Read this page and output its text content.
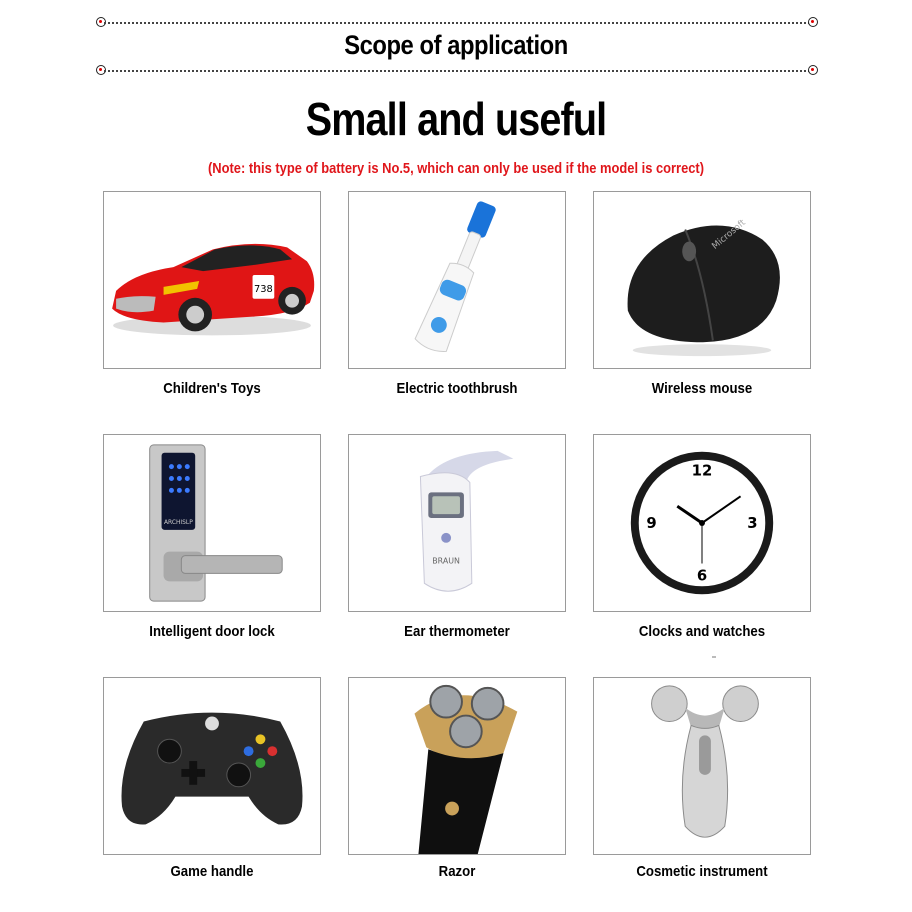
Scope of application
Small and useful
(Note: this type of battery is No.5, which can only be used if the model is correct)
738
Children's Toys	Electric toothbrush
Microsoft
Wireless mouse
ARCHISLP
Intelligent door lock
BRAUN
Ear thermometer
12
3
6
9
Clocks and watches
Game handle	Razor	Cosmetic instrument
